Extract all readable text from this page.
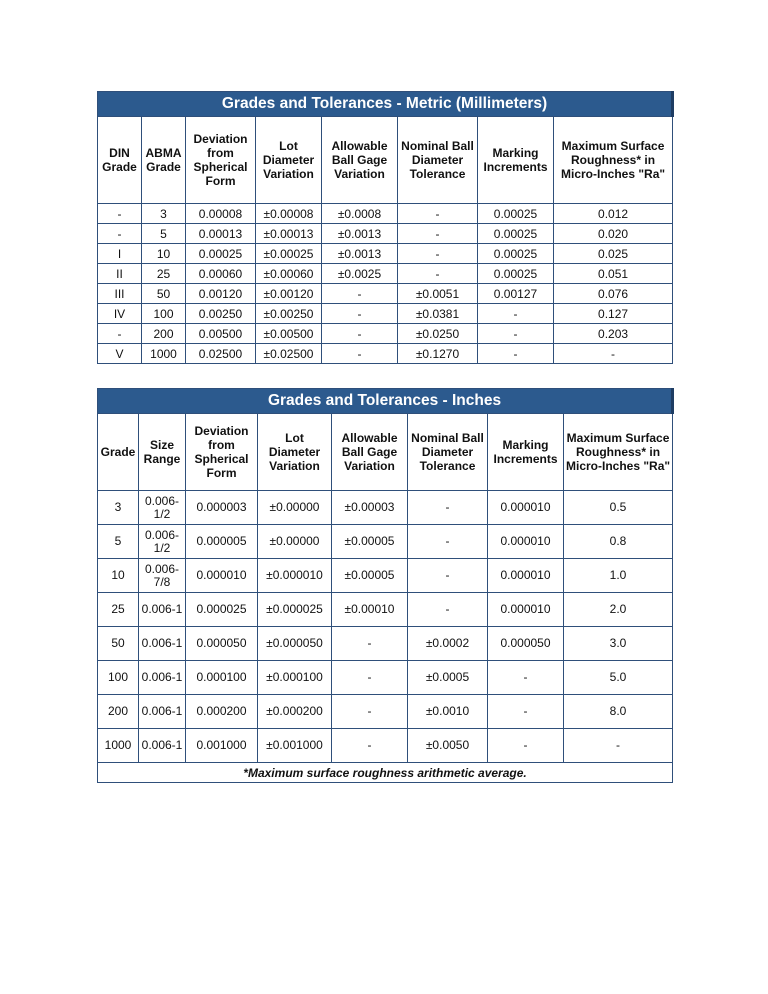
Grades and Tolerances - Metric (Millimeters)							
DIN Grade	ABMA Grade	Deviation from Spherical Form	Lot Diameter Variation	Allowable Ball Gage Variation	Nominal Ball Diameter Tolerance	Marking Increments	Maximum Surface Roughness* in Micro-Inches "Ra"
-	3	0.00008	±0.00008	±0.0008	-	0.00025	0.012
-	5	0.00013	±0.00013	±0.0013	-	0.00025	0.020
I	10	0.00025	±0.00025	±0.0013	-	0.00025	0.025
II	25	0.00060	±0.00060	±0.0025	-	0.00025	0.051
III	50	0.00120	±0.00120	-	±0.0051	0.00127	0.076
IV	100	0.00250	±0.00250	-	±0.0381	-	0.127
-	200	0.00500	±0.00500	-	±0.0250	-	0.203
V	1000	0.02500	±0.02500	-	±0.1270	-	-
Grades and Tolerances - Inches							
Grade	Size Range	Deviation from Spherical Form	Lot Diameter Variation	Allowable Ball Gage Variation	Nominal Ball Diameter Tolerance	Marking Increments	Maximum Surface Roughness* in Micro-Inches "Ra"
3	0.006-1/2	0.000003	±0.00000	±0.00003	-	0.000010	0.5
5	0.006-1/2	0.000005	±0.00000	±0.00005	-	0.000010	0.8
10	0.006-7/8	0.000010	±0.000010	±0.00005	-	0.000010	1.0
25	0.006-1	0.000025	±0.000025	±0.00010	-	0.000010	2.0
50	0.006-1	0.000050	±0.000050	-	±0.0002	0.000050	3.0
100	0.006-1	0.000100	±0.000100	-	±0.0005	-	5.0
200	0.006-1	0.000200	±0.000200	-	±0.0010	-	8.0
1000	0.006-1	0.001000	±0.001000	-	±0.0050	-	-
*Maximum surface roughness arithmetic average.							
